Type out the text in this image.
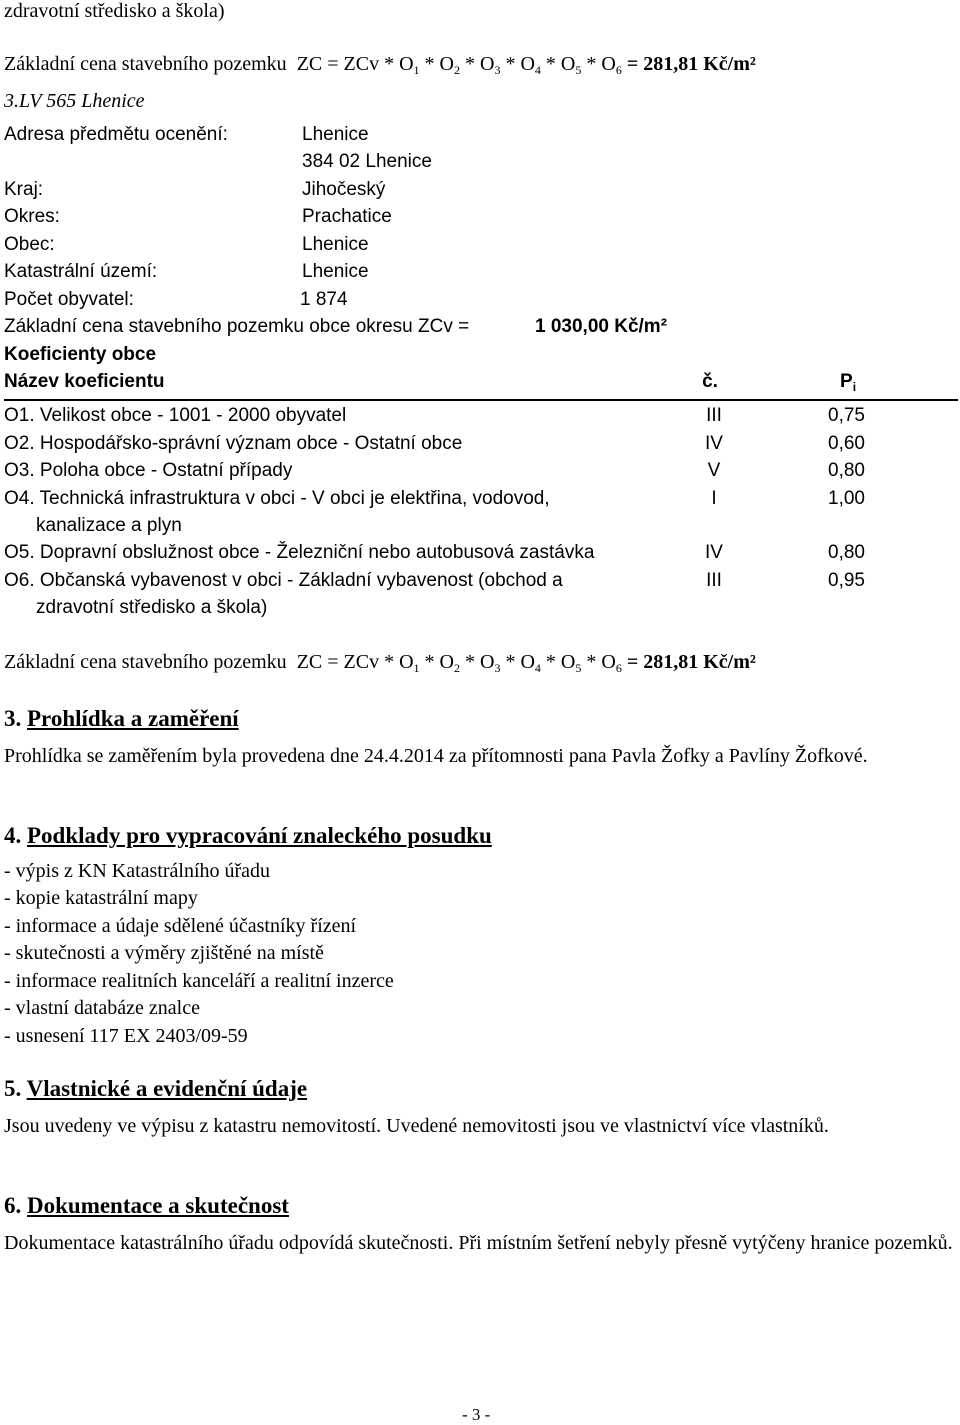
zdravotní středisko a škola)
Základní cena stavebního pozemku ZC = ZCv * $O_1 * O_2 * O_3 * O_4 * O_5 * O_6 = 281,81$ Kč/m²
3.LV 565 Lhenice
Adresa předmětu ocenění:	Lhenice
384 02 Lhenice
Kraj:	Jihočeský
Okres:	Prachatice
Obec:	Lhenice
Katastrální území:	Lhenice
Počet obyvatel:	1 874
Základní cena stavebního pozemku obce okresu ZCv =	1 030,00 Kč/m²
Koeficienty obce
Název koeficientu	č.	$P_i$
O1. Velikost obce - 1001 - 2000 obyvatel	III	0,75
O2. Hospodářsko-správní význam obce - Ostatní obce	IV	0,60
O3. Poloha obce - Ostatní případy	V	0,80
O4. Technická infrastruktura v obci - V obci je elektřina, vodovod,	I	1,00
kanalizace a plyn
O5. Dopravní obslužnost obce - Železniční nebo autobusová zastávka	IV	0,80
O6. Občanská vybavenost v obci - Základní vybavenost (obchod a	III	0,95
zdravotní středisko a škola)
Základní cena stavebního pozemku ZC = ZCv * $O_1 * O_2 * O_3 * O_4 * O_5 * O_6 = 281,81$ Kč/m²
3. Prohlídka a zaměření
Prohlídka se zaměřením byla provedena dne 24.4.2014 za přítomnosti pana Pavla Žofky a Pavlíny Žofkové.
4. Podklady pro vypracování znaleckého posudku
- výpis z KN Katastrálního úřadu
- kopie katastrální mapy
- informace a údaje sdělené účastníky řízení
- skutečnosti a výměry zjištěné na místě
- informace realitních kanceláří a realitní inzerce
- vlastní databáze znalce
- usnesení 117 EX 2403/09-59
5. Vlastnické a evidenční údaje
Jsou uvedeny ve výpisu z katastru nemovitostí. Uvedené nemovitosti jsou ve vlastnictví více vlastníků.
6. Dokumentace a skutečnost
Dokumentace katastrálního úřadu odpovídá skutečnosti. Při místním šetření nebyly přesně vytýčeny hranice pozemků.
- 3 -
